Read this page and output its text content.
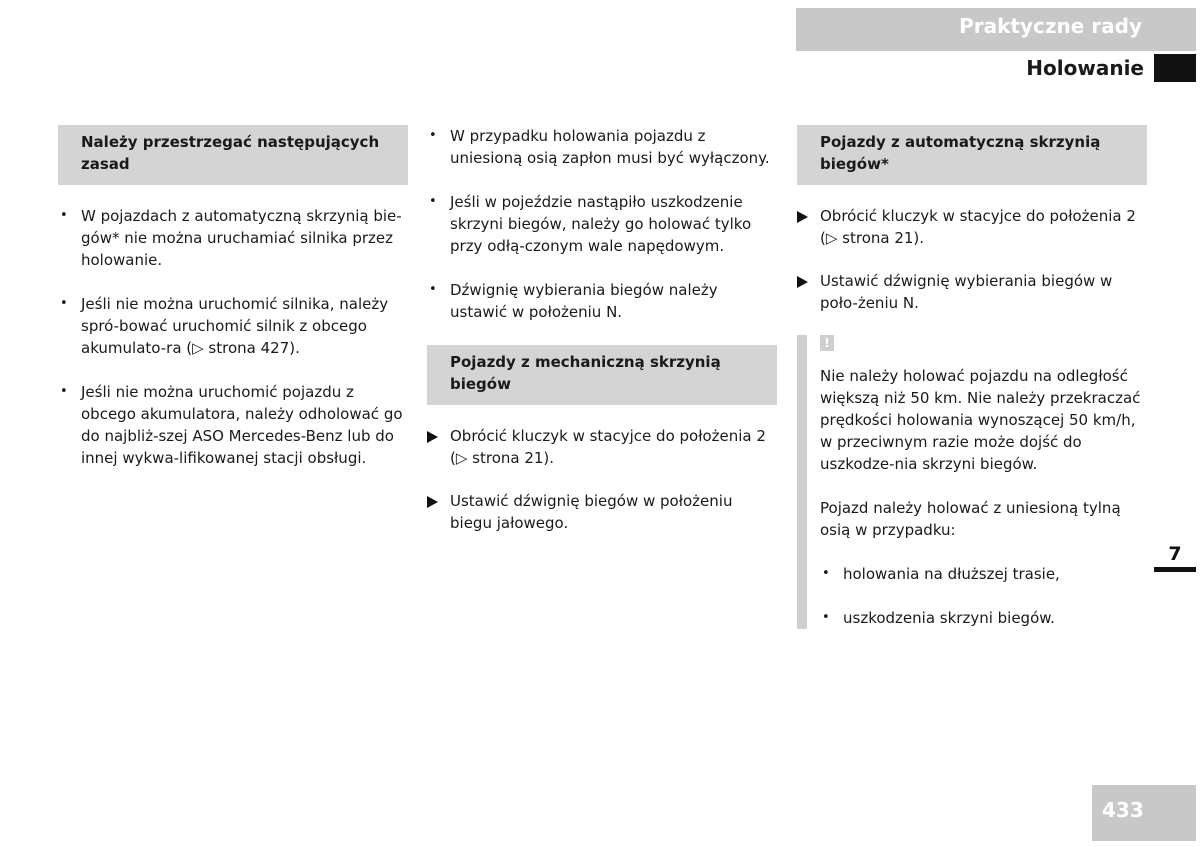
Praktyczne rady
Holowanie
Należy przestrzegać następujących zasad
• W pojazdach z automatyczną skrzynią bie-gów* nie można uruchamiać silnika przez holowanie.
• Jeśli nie można uruchomić silnika, należy spró-bować uruchomić silnik z obcego akumulato-ra (▷ strona 427).
• Jeśli nie można uruchomić pojazdu z obcego akumulatora, należy odholować go do najbliż-szej ASO Mercedes-Benz lub do innej wykwa-lifikowanej stacji obsługi.
• W przypadku holowania pojazdu z uniesioną osią zapłon musi być wyłączony.
• Jeśli w pojeździe nastąpiło uszkodzenie skrzyni biegów, należy go holować tylko przy odłą-czonym wale napędowym.
• Dźwignię wybierania biegów należy ustawić w położeniu N.
Pojazdy z mechaniczną skrzynią biegów
Obrócić kluczyk w stacyjce do położenia 2 (▷ strona 21).
Ustawić dźwignię biegów w położeniu biegu jałowego.
Pojazdy z automatyczną skrzynią biegów*
Obrócić kluczyk w stacyjce do położenia 2 (▷ strona 21).
Ustawić dźwignię wybierania biegów w poło-żeniu N.
!

Nie należy holować pojazdu na odległość większą niż 50 km. Nie należy przekraczać prędkości holowania wynoszącej 50 km/h, w przeciwnym razie może dojść do uszkodze-nia skrzyni biegów.

Pojazd należy holować z uniesioną tylną osią w przypadku:

• holowania na dłuższej trasie,
• uszkodzenia skrzyni biegów.
7
433
